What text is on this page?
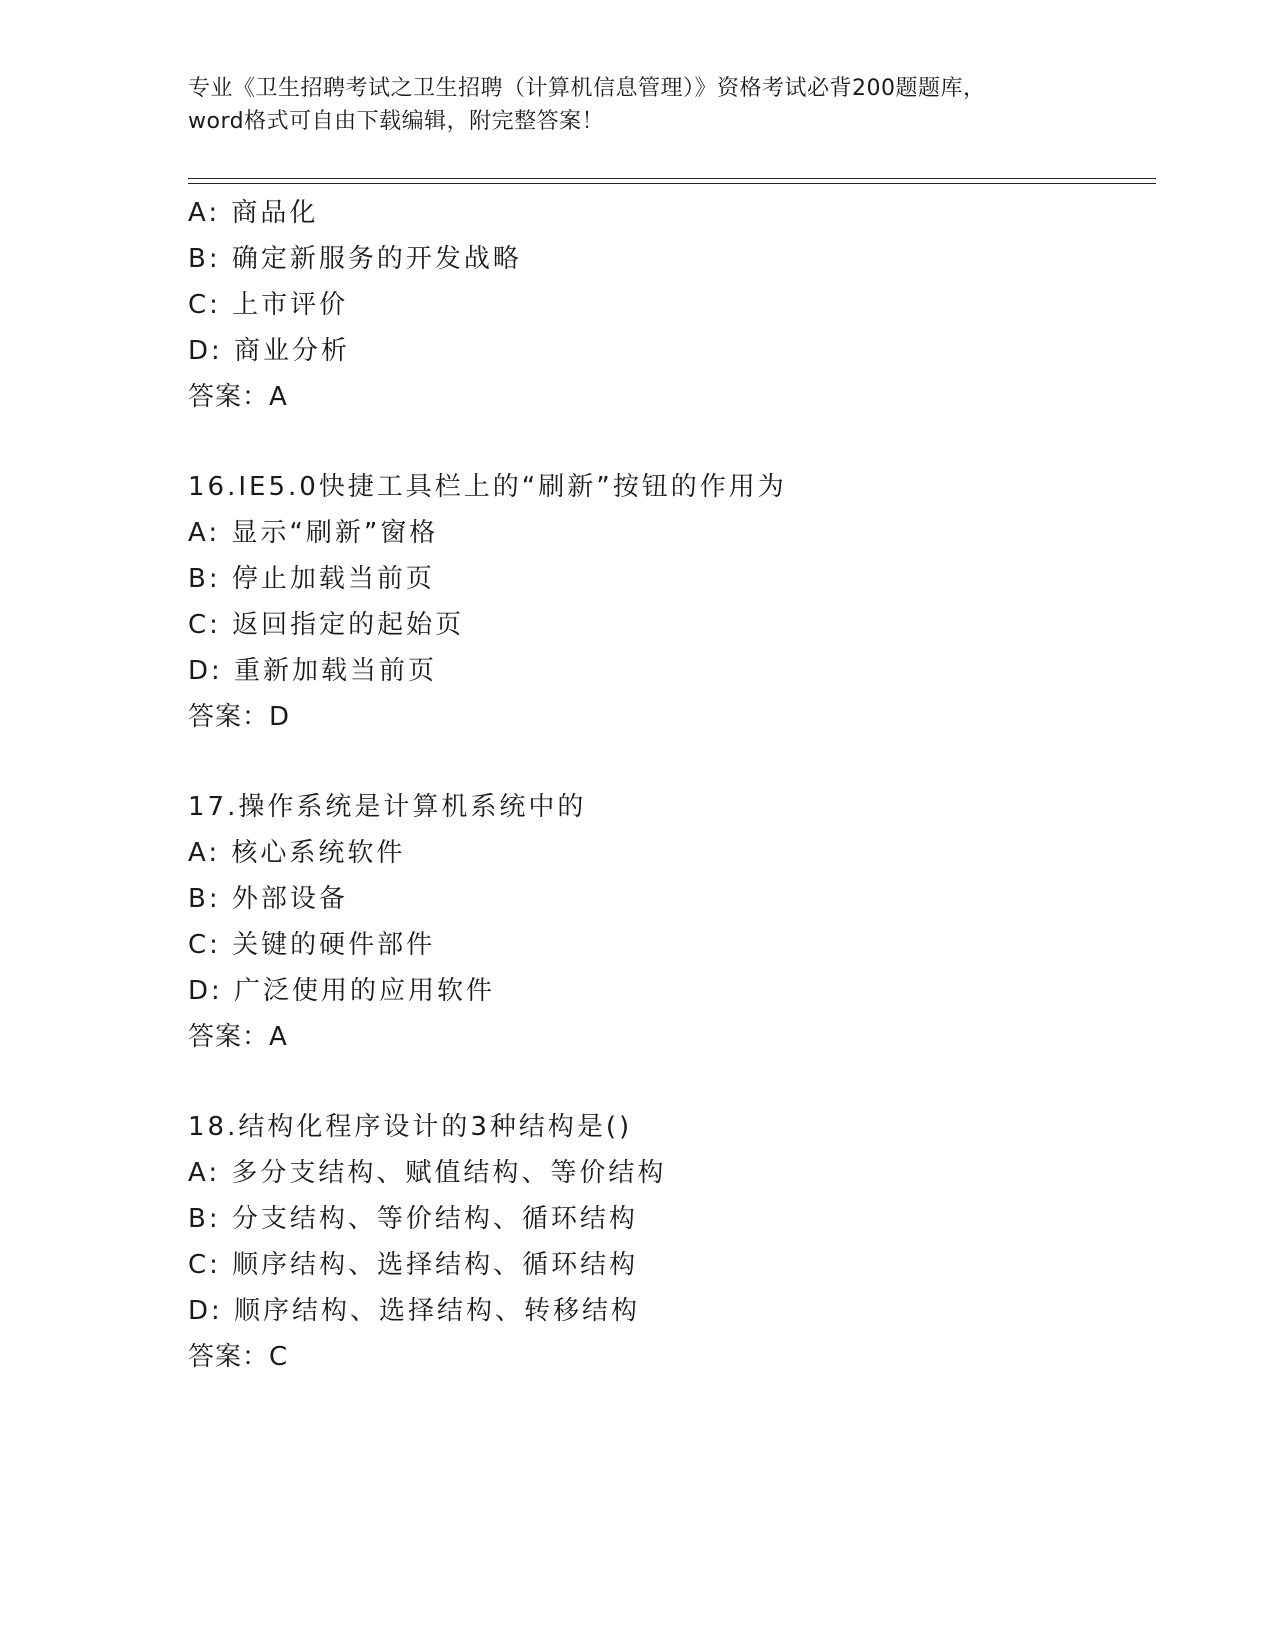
专业《卫生招聘考试之卫生招聘（计算机信息管理）》资格考试必背200题题库，
word格式可自由下载编辑，附完整答案！
A: 商品化
B: 确定新服务的开发战略
C: 上市评价
D: 商业分析
答案：A
16.IE5.0快捷工具栏上的“刷新”按钮的作用为
A: 显示“刷新”窗格
B: 停止加载当前页
C: 返回指定的起始页
D: 重新加载当前页
答案：D
17.操作系统是计算机系统中的
A: 核心系统软件
B: 外部设备
C: 关键的硬件部件
D: 广泛使用的应用软件
答案：A
18.结构化程序设计的3种结构是()
A: 多分支结构、赋值结构、等价结构
B: 分支结构、等价结构、循环结构
C: 顺序结构、选择结构、循环结构
D: 顺序结构、选择结构、转移结构
答案：C
